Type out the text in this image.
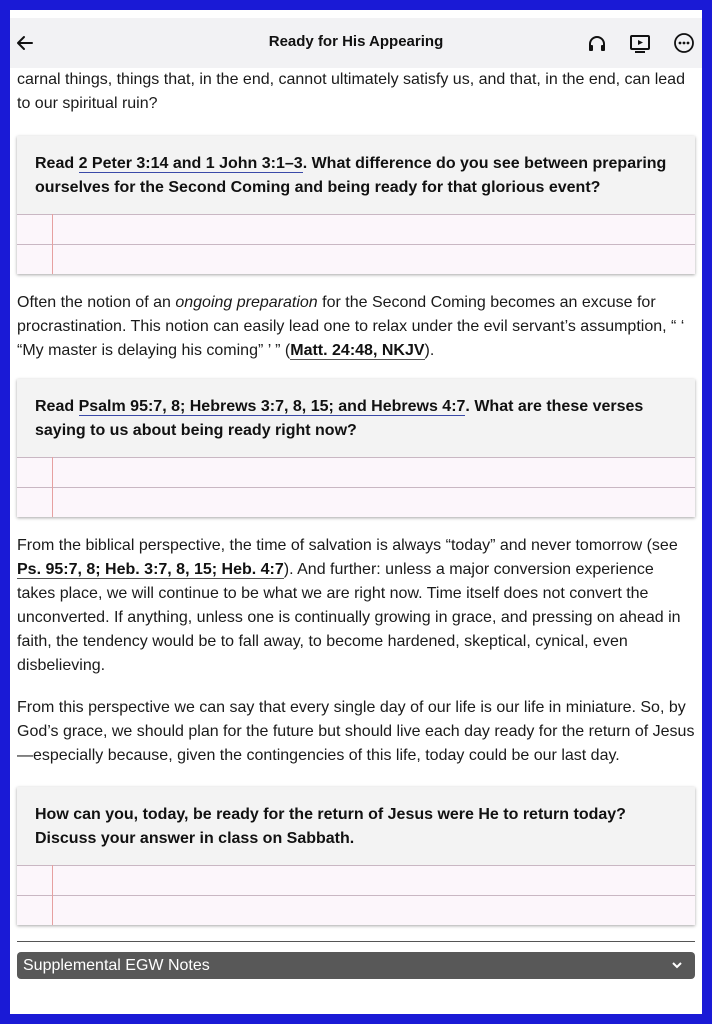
Ready for His Appearing

carnal things, things that, in the end, cannot ultimately satisfy us, and that, in the end, can lead to our spiritual ruin?

Read 2 Peter 3:14 and 1 John 3:1–3. What difference do you see between preparing ourselves for the Second Coming and being ready for that glorious event?

Often the notion of an ongoing preparation for the Second Coming becomes an excuse for procrastination. This notion can easily lead one to relax under the evil servant’s assumption, “ ‘ “My master is delaying his coming” ’ ” (Matt. 24:48, NKJV).

Read Psalm 95:7, 8; Hebrews 3:7, 8, 15; and Hebrews 4:7. What are these verses saying to us about being ready right now?

From the biblical perspective, the time of salvation is always “today” and never tomorrow (see Ps. 95:7, 8; Heb. 3:7, 8, 15; Heb. 4:7). And further: unless a major conversion experience takes place, we will continue to be what we are right now. Time itself does not convert the unconverted. If anything, unless one is continually growing in grace, and pressing on ahead in faith, the tendency would be to fall away, to become hardened, skeptical, cynical, even disbelieving.

From this perspective we can say that every single day of our life is our life in miniature. So, by God’s grace, we should plan for the future but should live each day ready for the return of Jesus—especially because, given the contingencies of this life, today could be our last day.

How can you, today, be ready for the return of Jesus were He to return today? Discuss your answer in class on Sabbath.
Supplemental EGW Notes
